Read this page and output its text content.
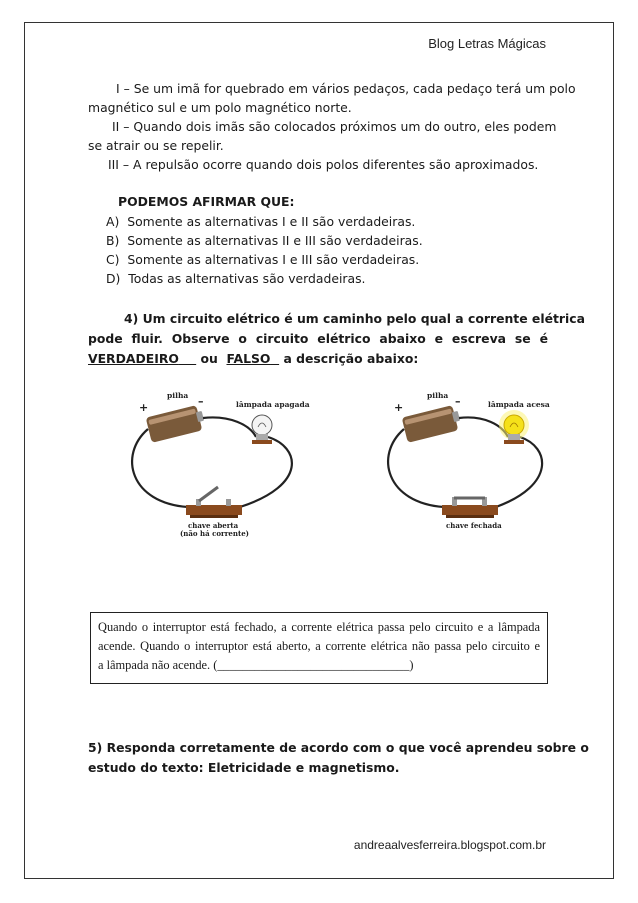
Blog Letras Mágicas
I – Se um imã for quebrado em vários pedaços, cada pedaço terá um polo
magnético sul e um polo magnético norte.
II – Quando dois imãs são colocados próximos um do outro, eles podem
se atrair ou se repelir.
III – A repulsão ocorre quando dois polos diferentes são aproximados.
PODEMOS AFIRMAR QUE:
A) Somente as alternativas I e II são verdadeiras.
B) Somente as alternativas II e III são verdadeiras.
C) Somente as alternativas I e III são verdadeiras.
D) Todas as alternativas são verdadeiras.
4) Um circuito elétrico é um caminho pelo qual a corrente elétrica
pode fluir. Observe o circuito elétrico abaixo e escreva se é
VERDADEIRO ou FALSO a descrição abaixo:
pilha
lâmpada apagada
+	–
chave aberta
(não há corrente)
pilha
lâmpada acesa
+	–
chave fechada
Quando o interruptor está fechado, a corrente elétrica passa pelo circuito e a lâmpada
acende. Quando o interruptor está aberto, a corrente elétrica não passa pelo circuito e
a lâmpada não acende. (_______________________________)
5) Responda corretamente de acordo com o que você aprendeu sobre o
estudo do texto: Eletricidade e magnetismo.
andreaalvesferreira.blogspot.com.br
